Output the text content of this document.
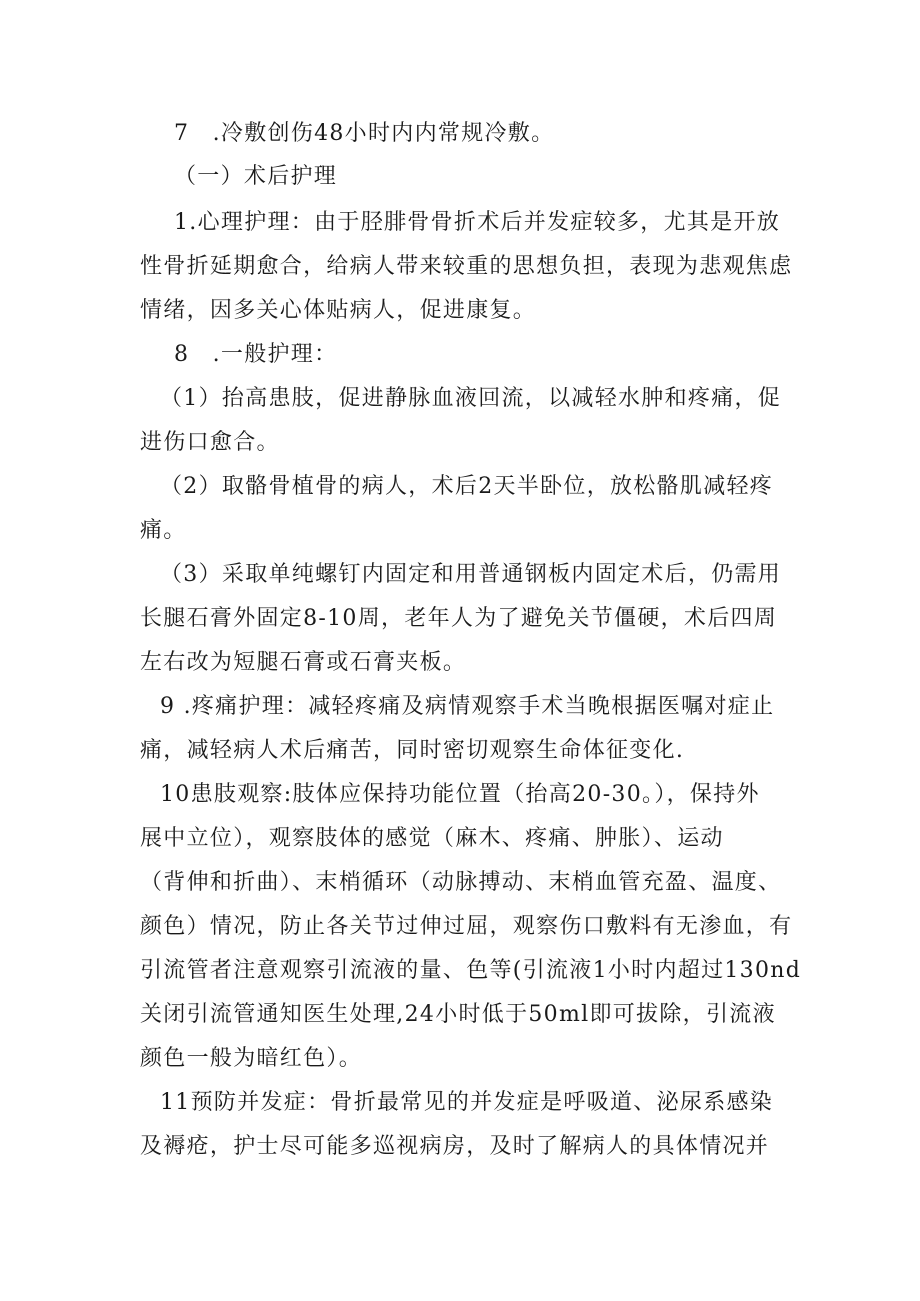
7　.冷敷创伤48小时内内常规冷敷。
（一）术后护理
1.心理护理：由于胫腓骨骨折术后并发症较多，尤其是开放
性骨折延期愈合，给病人带来较重的思想负担，表现为悲观焦虑
情绪，因多关心体贴病人，促进康复。
8　.一般护理：
（1）抬高患肢，促进静脉血液回流，以减轻水肿和疼痛，促
进伤口愈合。
（2）取骼骨植骨的病人，术后2天半卧位，放松骼肌减轻疼
痛。
（3）采取单纯螺钉内固定和用普通钢板内固定术后，仍需用
长腿石膏外固定8-10周，老年人为了避免关节僵硬，术后四周
左右改为短腿石膏或石膏夹板。
9 .疼痛护理：减轻疼痛及病情观察手术当晚根据医嘱对症止
痛，减轻病人术后痛苦，同时密切观察生命体征变化.
10患肢观察:肢体应保持功能位置（抬高20-30。），保持外
展中立位），观察肢体的感觉（麻木、疼痛、肿胀）、运动
（背伸和折曲）、末梢循环（动脉搏动、末梢血管充盈、温度、
颜色）情况，防止各关节过伸过屈，观察伤口敷料有无渗血，有
引流管者注意观察引流液的量、色等(引流液1小时内超过130nd
关闭引流管通知医生处理,24小时低于50ml即可拔除，引流液
颜色一般为暗红色）。
11预防并发症：骨折最常见的并发症是呼吸道、泌尿系感染
及褥疮，护士尽可能多巡视病房，及时了解病人的具体情况并
